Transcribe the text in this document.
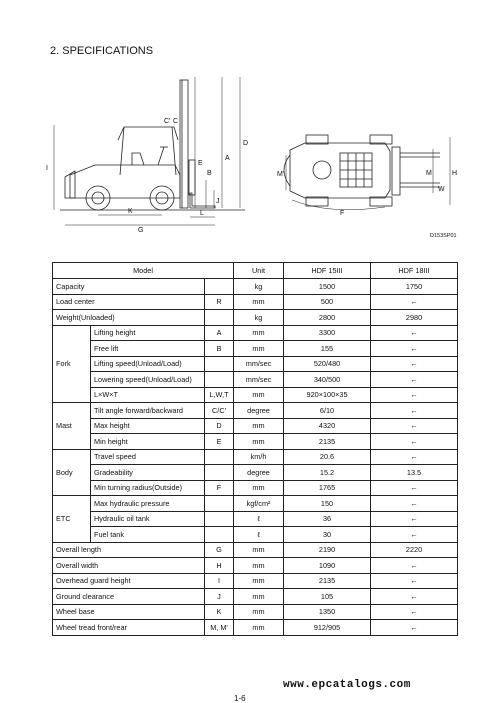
2. SPECIFICATIONS
C' C
D
A
I
B
E
J
K	L
G
M'	M	H
W
F
D153SP01
Model			Unit	HDF 15III	HDF 18III
Capacity			kg	1500	1750
Load center		R	mm	500	←
Weight(Unloaded)			kg	2800	2980
Fork	Lifting height	A	mm	3300	←
	Free lift	B	mm	155	←
	Lifting speed(Unload/Load)		mm/sec	520/480	←
	Lowering speed(Unload/Load)		mm/sec	340/500	←
	L×W×T	L,W,T	mm	920×100×35	←
Mast	Tilt angle forward/backward	C/C'	degree	6/10	←
	Max height	D	mm	4320	←
	Min height	E	mm	2135	←
Body	Travel speed		km/h	20.6	←
	Gradeability		degree	15.2	13.5
	Min turning radius(Outside)	F	mm	1765	←
ETC	Max hydraulic pressure		kgf/cm²	150	←
	Hydraulic oil tank		ℓ	36	←
	Fuel tank		ℓ	30	←
Overall length		G	mm	2190	2220
Overall width		H	mm	1090	←
Overhead guard height		I	mm	2135	←
Ground clearance		J	mm	105	←
Wheel base		K	mm	1350	←
Wheel tread front/rear		M, M'	mm	912/905	←
www.epcatalogs.com
1-6
